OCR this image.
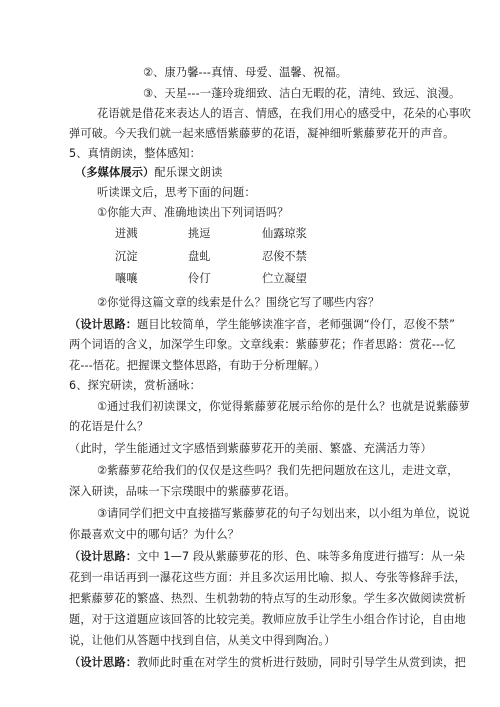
②、康乃馨---真情、母爱、温馨、祝福。
③、天星---一蓬玲珑细致、洁白无暇的花，清纯、致远、浪漫。
花语就是借花来表达人的语言、情感，在我们用心的感受中，花朵的心事吹
弹可破。今天我们就一起来感悟紫藤萝的花语，凝神细听紫藤萝花开的声音。
5、真情朗读，整体感知：
（多媒体展示）配乐课文朗读
听读课文后，思考下面的问题：
①你能大声、准确地读出下列词语吗？
迸溅	挑逗	仙露琼浆
沉淀	盘虬	忍俊不禁
嚷嚷	伶仃	伫立凝望
②你觉得这篇文章的线索是什么？围绕它写了哪些内容？
（设计思路：题目比较简单，学生能够读准字音，老师强调“伶仃，忍俊不禁”
两个词语的含义，加深学生印象。文章线索：紫藤萝花；作者思路：赏花---忆
花---悟花。把握课文整体思路，有助于分析理解。）
6、探究研读，赏析涵咏：
①通过我们初读课文，你觉得紫藤萝花展示给你的是什么？也就是说紫藤萝
的花语是什么？
（此时，学生能通过文字感悟到紫藤萝花开的美丽、繁盛、充满活力等）
②紫藤萝花给我们的仅仅是这些吗？我们先把问题放在这儿，走进文章，
深入研读，品味一下宗璞眼中的紫藤萝花语。
③请同学们把文中直接描写紫藤萝花的句子勾划出来，以小组为单位，说说
你最喜欢文中的哪句话？为什么？
（设计思路：文中 1—7 段从紫藤萝花的形、色、味等多角度进行描写：从一朵
花到一串话再到一瀑花这些方面：并且多次运用比喻、拟人、夸张等修辞手法，
把紫藤萝花的繁盛、热烈、生机勃勃的特点写的生动形象。学生多次做阅读赏析
题，对于这道题应该回答的比较完美。教师应放手让学生小组合作讨论，自由地
说，让他们从答题中找到自信，从美文中得到陶冶。）
（设计思路：教师此时重在对学生的赏析进行鼓励，同时引导学生从赏到读，把
